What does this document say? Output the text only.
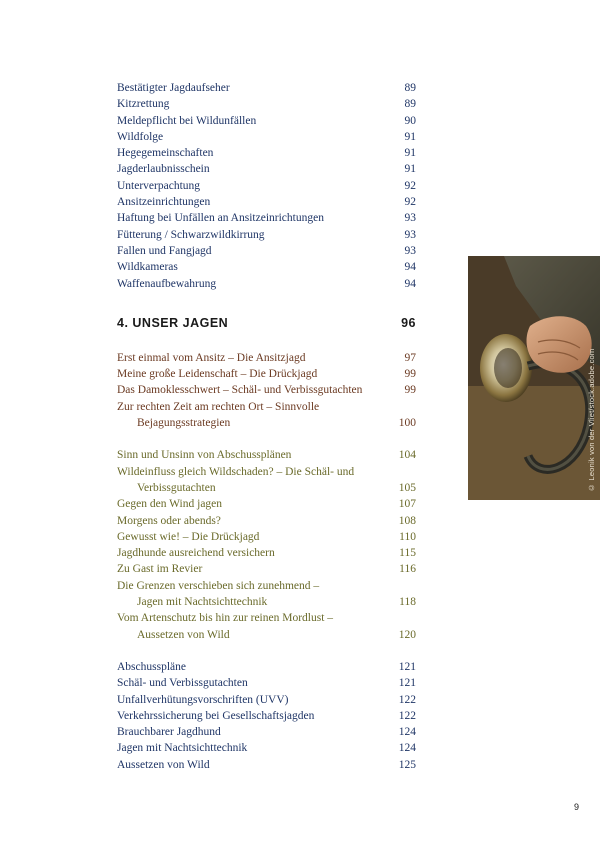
Bestätigter Jagdaufseher	89
Kitzrettung	89
Meldepflicht bei Wildunfällen	90
Wildfolge	91
Hegegemeinschaften	91
Jagderlaubnisschein	91
Unterverpachtung	92
Ansitzeinrichtungen	92
Haftung bei Unfällen an Ansitzeinrichtungen	93
Fütterung / Schwarzwildkirrung	93
Fallen und Fangjagd	93
Wildkameras	94
Waffenaufbewahrung	94
4. UNSER JAGEN	96
Erst einmal vom Ansitz – Die Ansitzjagd	97
Meine große Leidenschaft – Die Drückjagd	99
Das Damoklesschwert – Schäl- und Verbissgutachten	99
Zur rechten Zeit am rechten Ort – Sinnvolle
Bejagungsstrategien	100
Sinn und Unsinn von Abschussplänen	104
Wildeinfluss gleich Wildschaden? – Die Schäl- und
Verbissgutachten	105
Gegen den Wind jagen	107
Morgens oder abends?	108
Gewusst wie! – Die Drückjagd	110
Jagdhunde ausreichend versichern	115
Zu Gast im Revier	116
Die Grenzen verschieben sich zunehmend –
Jagen mit Nachtsichttechnik	118
Vom Artenschutz bis hin zur reinen Mordlust –
Aussetzen von Wild	120
Abschusspläne	121
Schäl- und Verbissgutachten	121
Unfallverhütungsvorschriften (UVV)	122
Verkehrssicherung bei Gesellschaftsjagden	122
Brauchbarer Jagdhund	124
Jagen mit Nachtsichttechnik	124
Aussetzen von Wild	125
© Leonik von der Vliet/stock.adobe.com
9
